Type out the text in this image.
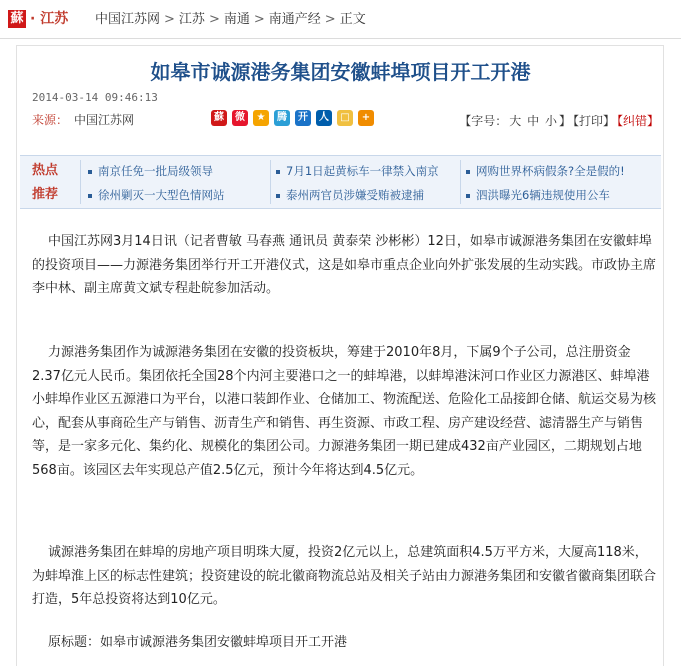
蘇 · 江苏 中国江苏网 > 江苏 > 南通 > 南通产经 > 正文
如皋市诚源港务集团安徽蚌埠项目开工开港
2014-03-14 09:46:13
来源： 中国江苏网	蘇 微 ★ 腾 开 人 □ +	【字号： 大 中 小 】 【打印】 【纠错】
热点
推荐
南京任免一批局级领导	7月1日起黄标车一律禁入南京	网购世界杯病假条?全是假的!
徐州剿灭一大型色情网站	泰州两官员涉嫌受贿被逮捕	泗洪曝光6辆违规使用公车

中国江苏网3月14日讯（记者曹敏 马春燕 通讯员 黄泰荣 沙彬彬）12日，如皋市诚源港务集团在安徽蚌埠的投资项目——力源港务集团举行开工开港仪式，这是如皋市重点企业向外扩张发展的生动实践。市政协主席李中林、副主席黄文斌专程赴皖参加活动。

力源港务集团作为诚源港务集团在安徽的投资板块，筹建于2010年8月，下属9个子公司，总注册资金2.37亿元人民币。集团依托全国28个内河主要港口之一的蚌埠港，以蚌埠港沫河口作业区力源港区、蚌埠港小蚌埠作业区五源港口为平台，以港口装卸作业、仓储加工、物流配送、危险化工品接卸仓储、航运交易为核心，配套从事商砼生产与销售、沥青生产和销售、再生资源、市政工程、房产建设经营、滤清器生产与销售等，是一家多元化、集约化、规模化的集团公司。力源港务集团一期已建成432亩产业园区，二期规划占地568亩。该园区去年实现总产值2.5亿元，预计今年将达到4.5亿元。

诚源港务集团在蚌埠的房地产项目明珠大厦，投资2亿元以上，总建筑面积4.5万平方米，大厦高118米，为蚌埠淮上区的标志性建筑；投资建设的皖北徽商物流总站及相关子站由力源港务集团和安徽省徽商集团联合打造，5年总投资将达到10亿元。

原标题：如皋市诚源港务集团安徽蚌埠项目开工开港
